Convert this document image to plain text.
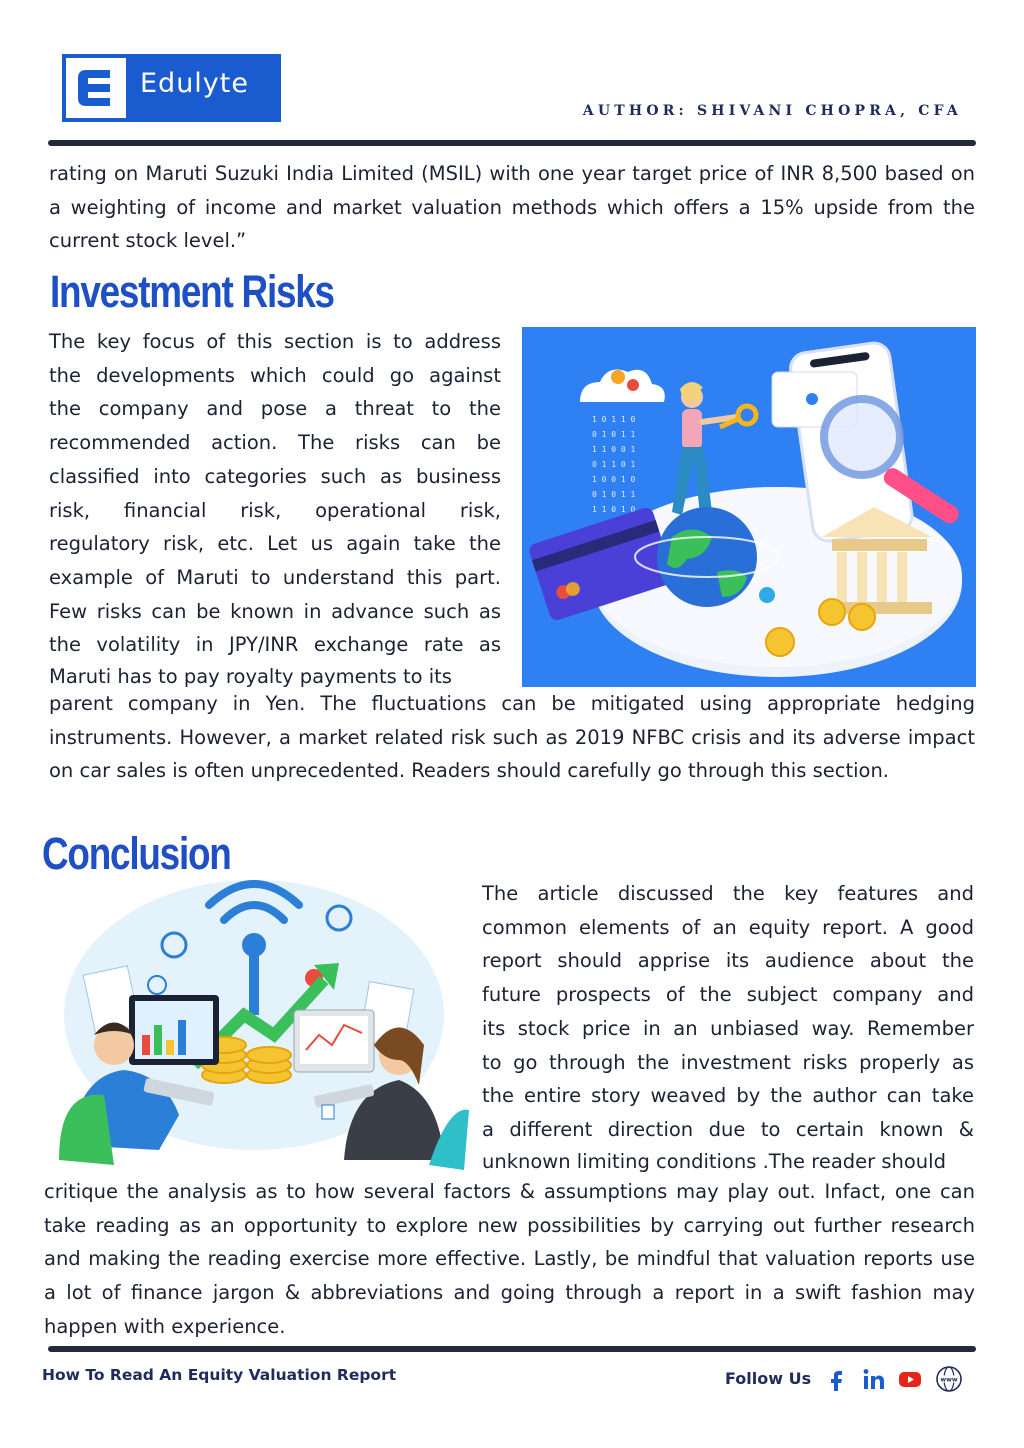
Edulyte
AUTHOR: SHIVANI CHOPRA, CFA
rating on Maruti Suzuki India Limited (MSIL) with one year target price of INR 8,500 based on a weighting of income and market valuation methods which offers a 15% upside from the current stock level.”
Investment Risks
The key focus of this section is to address
the developments which could go against
the company and pose a threat to the
recommended action. The risks can be
classified into categories such as business
risk, financial risk, operational risk,
regulatory risk, etc. Let us again take the
example of Maruti to understand this part.
Few risks can be known in advance such as
the volatility in JPY/INR exchange rate as
Maruti has to pay royalty payments to its
1 0 1 1 0
0 1 0 1 1
1 1 0 0 1
0 1 1 0 1
1 0 0 1 0
0 1 0 1 1
1 1 0 1 0
parent company in Yen. The fluctuations can be mitigated using appropriate hedging instruments. However, a market related risk such as 2019 NFBC crisis and its adverse impact on car sales is often unprecedented. Readers should carefully go through this section.
Conclusion
The article discussed the key features and
common elements of an equity report. A good
report should apprise its audience about the
future prospects of the subject company and
its stock price in an unbiased way. Remember
to go through the investment risks properly as
the entire story weaved by the author can take
a different direction due to certain known &
unknown limiting conditions .The reader should
critique the analysis as to how several factors & assumptions may play out. Infact, one can take reading as an opportunity to explore new possibilities by carrying out further research and making the reading exercise more effective. Lastly, be mindful that valuation reports use a lot of finance jargon & abbreviations and going through a report in a swift fashion may happen with experience.
How To Read An Equity Valuation Report	Follow Us	www
